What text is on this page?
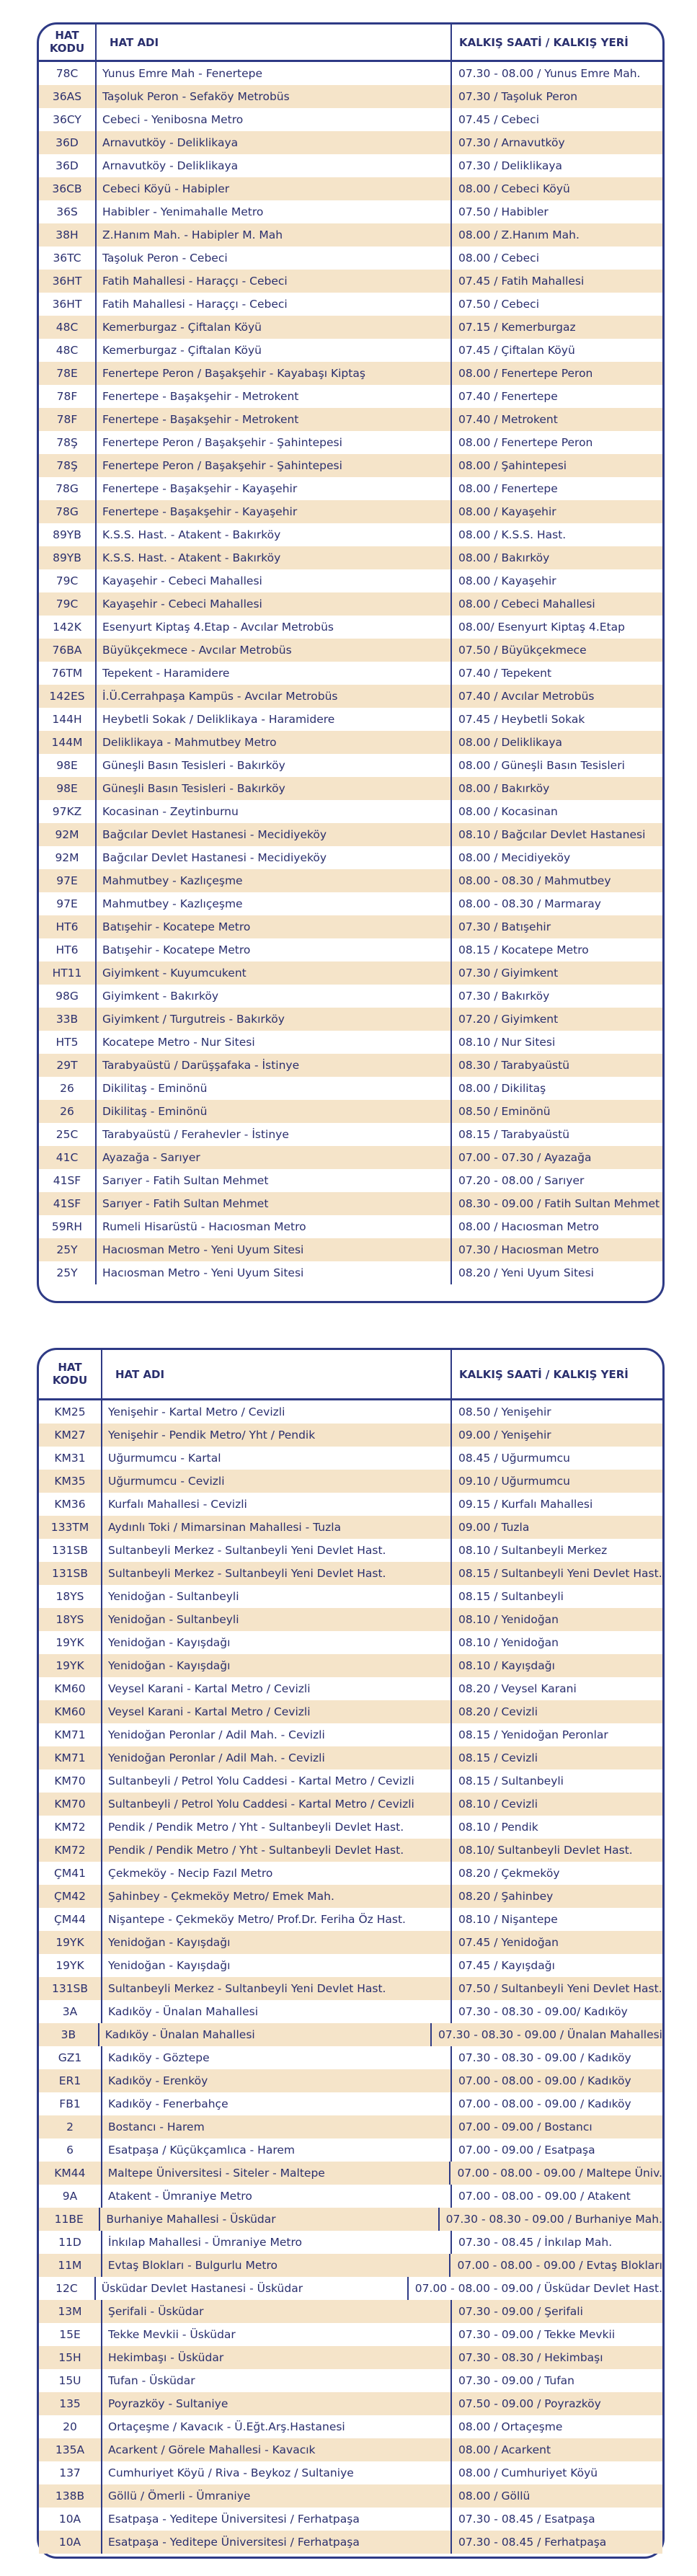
HAT KODU	HAT ADI	KALKIŞ SAATİ / KALKIŞ YERİ
78C	Yunus Emre Mah - Fenertepe	07.30 - 08.00 / Yunus Emre Mah.
36AS	Taşoluk Peron - Sefaköy Metrobüs	07.30 / Taşoluk Peron
36CY	Cebeci - Yenibosna Metro	07.45 / Cebeci
36D	Arnavutköy - Deliklikaya	07.30 / Arnavutköy
36D	Arnavutköy - Deliklikaya	07.30 / Deliklikaya
36CB	Cebeci Köyü - Habipler	08.00 / Cebeci Köyü
36S	Habibler - Yenimahalle Metro	07.50 / Habibler
38H	Z.Hanım Mah. - Habipler M. Mah	08.00 / Z.Hanım Mah.
36TC	Taşoluk Peron - Cebeci	08.00 / Cebeci
36HT	Fatih Mahallesi - Haraççı - Cebeci	07.45 / Fatih Mahallesi
36HT	Fatih Mahallesi - Haraççı - Cebeci	07.50 / Cebeci
48C	Kemerburgaz - Çiftalan Köyü	07.15 / Kemerburgaz
48C	Kemerburgaz - Çiftalan Köyü	07.45 / Çiftalan Köyü
78E	Fenertepe Peron / Başakşehir - Kayabaşı Kiptaş	08.00 / Fenertepe Peron
78F	Fenertepe - Başakşehir - Metrokent	07.40 / Fenertepe
78F	Fenertepe - Başakşehir - Metrokent	07.40 / Metrokent
78Ş	Fenertepe Peron / Başakşehir - Şahintepesi	08.00 / Fenertepe Peron
78Ş	Fenertepe Peron / Başakşehir - Şahintepesi	08.00 / Şahintepesi
78G	Fenertepe - Başakşehir - Kayaşehir	08.00 / Fenertepe
78G	Fenertepe - Başakşehir - Kayaşehir	08.00 / Kayaşehir
89YB	K.S.S. Hast. - Atakent - Bakırköy	08.00 / K.S.S. Hast.
89YB	K.S.S. Hast. - Atakent - Bakırköy	08.00 / Bakırköy
79C	Kayaşehir - Cebeci Mahallesi	08.00 / Kayaşehir
79C	Kayaşehir - Cebeci Mahallesi	08.00 / Cebeci Mahallesi
142K	Esenyurt Kiptaş 4.Etap - Avcılar Metrobüs	08.00/ Esenyurt Kiptaş 4.Etap
76BA	Büyükçekmece - Avcılar Metrobüs	07.50 / Büyükçekmece
76TM	Tepekent - Haramidere	07.40 / Tepekent
142ES	İ.Ü.Cerrahpaşa Kampüs - Avcılar Metrobüs	07.40 / Avcılar Metrobüs
144H	Heybetli Sokak / Deliklikaya - Haramidere	07.45 / Heybetli Sokak
144M	Deliklikaya - Mahmutbey Metro	08.00 / Deliklikaya
98E	Güneşli Basın Tesisleri - Bakırköy	08.00 / Güneşli Basın Tesisleri
98E	Güneşli Basın Tesisleri - Bakırköy	08.00 / Bakırköy
97KZ	Kocasinan - Zeytinburnu	08.00 / Kocasinan
92M	Bağcılar Devlet Hastanesi - Mecidiyeköy	08.10 / Bağcılar Devlet Hastanesi
92M	Bağcılar Devlet Hastanesi - Mecidiyeköy	08.00 / Mecidiyeköy
97E	Mahmutbey - Kazlıçeşme	08.00 - 08.30 / Mahmutbey
97E	Mahmutbey - Kazlıçeşme	08.00 - 08.30 / Marmaray
HT6	Batışehir - Kocatepe Metro	07.30 / Batışehir
HT6	Batışehir - Kocatepe Metro	08.15 / Kocatepe Metro
HT11	Giyimkent - Kuyumcukent	07.30 / Giyimkent
98G	Giyimkent - Bakırköy	07.30 / Bakırköy
33B	Giyimkent / Turgutreis - Bakırköy	07.20 / Giyimkent
HT5	Kocatepe Metro - Nur Sitesi	08.10 / Nur Sitesi
29T	Tarabyaüstü / Darüşşafaka - İstinye	08.30 / Tarabyaüstü
26	Dikilitaş - Eminönü	08.00 / Dikilitaş
26	Dikilitaş - Eminönü	08.50 / Eminönü
25C	Tarabyaüstü / Ferahevler - İstinye	08.15 / Tarabyaüstü
41C	Ayazağa - Sarıyer	07.00 - 07.30 / Ayazağa
41SF	Sarıyer - Fatih Sultan Mehmet	07.20 - 08.00 / Sarıyer
41SF	Sarıyer - Fatih Sultan Mehmet	08.30 - 09.00 / Fatih Sultan Mehmet
59RH	Rumeli Hisarüstü - Hacıosman Metro	08.00 / Hacıosman Metro
25Y	Hacıosman Metro - Yeni Uyum Sitesi	07.30 / Hacıosman Metro
25Y	Hacıosman Metro - Yeni Uyum Sitesi	08.20 / Yeni Uyum Sitesi
HAT KODU	HAT ADI	KALKIŞ SAATİ / KALKIŞ YERİ
KM25	Yenişehir - Kartal Metro / Cevizli	08.50 / Yenişehir
KM27	Yenişehir - Pendik Metro/ Yht / Pendik	09.00 / Yenişehir
KM31	Uğurmumcu - Kartal	08.45 / Uğurmumcu
KM35	Uğurmumcu - Cevizli	09.10 / Uğurmumcu
KM36	Kurfalı Mahallesi - Cevizli	09.15 / Kurfalı Mahallesi
133TM	Aydınlı Toki / Mimarsinan Mahallesi - Tuzla	09.00 / Tuzla
131SB	Sultanbeyli Merkez - Sultanbeyli Yeni Devlet Hast.	08.10 / Sultanbeyli Merkez
131SB	Sultanbeyli Merkez - Sultanbeyli Yeni Devlet Hast.	08.15 / Sultanbeyli Yeni Devlet Hast.
18YS	Yenidoğan - Sultanbeyli	08.15 / Sultanbeyli
18YS	Yenidoğan - Sultanbeyli	08.10 / Yenidoğan
19YK	Yenidoğan - Kayışdağı	08.10 / Yenidoğan
19YK	Yenidoğan - Kayışdağı	08.10 / Kayışdağı
KM60	Veysel Karani - Kartal Metro / Cevizli	08.20 / Veysel Karani
KM60	Veysel Karani - Kartal Metro / Cevizli	08.20 / Cevizli
KM71	Yenidoğan Peronlar / Adil Mah. - Cevizli	08.15 / Yenidoğan Peronlar
KM71	Yenidoğan Peronlar / Adil Mah. - Cevizli	08.15 / Cevizli
KM70	Sultanbeyli / Petrol Yolu Caddesi - Kartal Metro / Cevizli	08.15 / Sultanbeyli
KM70	Sultanbeyli / Petrol Yolu Caddesi - Kartal Metro / Cevizli	08.10 / Cevizli
KM72	Pendik / Pendik Metro / Yht - Sultanbeyli Devlet Hast.	08.10 / Pendik
KM72	Pendik / Pendik Metro / Yht - Sultanbeyli Devlet Hast.	08.10/ Sultanbeyli Devlet Hast.
ÇM41	Çekmeköy - Necip Fazıl Metro	08.20 / Çekmeköy
ÇM42	Şahinbey - Çekmeköy Metro/ Emek Mah.	08.20 / Şahinbey
ÇM44	Nişantepe - Çekmeköy Metro/ Prof.Dr. Feriha Öz Hast.	08.10 / Nişantepe
19YK	Yenidoğan - Kayışdağı	07.45 / Yenidoğan
19YK	Yenidoğan - Kayışdağı	07.45 / Kayışdağı
131SB	Sultanbeyli Merkez - Sultanbeyli Yeni Devlet Hast.	07.50 / Sultanbeyli Yeni Devlet Hast.
3A	Kadıköy - Ünalan Mahallesi	07.30 - 08.30 - 09.00/ Kadıköy
3B	Kadıköy - Ünalan Mahallesi	07.30 - 08.30 - 09.00 / Ünalan Mahallesi
GZ1	Kadıköy - Göztepe	07.30 - 08.30 - 09.00 / Kadıköy
ER1	Kadıköy - Erenköy	07.00 - 08.00 - 09.00 / Kadıköy
FB1	Kadıköy - Fenerbahçe	07.00 - 08.00 - 09.00 / Kadıköy
2	Bostancı - Harem	07.00 - 09.00 / Bostancı
6	Esatpaşa / Küçükçamlıca - Harem	07.00 - 09.00 / Esatpaşa
KM44	Maltepe Üniversitesi - Siteler - Maltepe	07.00 - 08.00 - 09.00 / Maltepe Üniv.
9A	Atakent - Ümraniye Metro	07.00 - 08.00 - 09.00 / Atakent
11BE	Burhaniye Mahallesi - Üsküdar	07.30 - 08.30 - 09.00 / Burhaniye Mah.
11D	İnkılap Mahallesi - Ümraniye Metro	07.30 - 08.45 / İnkılap Mah.
11M	Evtaş Blokları - Bulgurlu Metro	07.00 - 08.00 - 09.00 / Evtaş Blokları
12C	Üsküdar Devlet Hastanesi - Üsküdar	07.00 - 08.00 - 09.00 / Üsküdar Devlet Hast.
13M	Şerifali - Üsküdar	07.30 - 09.00 / Şerifali
15E	Tekke Mevkii - Üsküdar	07.30 - 09.00 / Tekke Mevkii
15H	Hekimbaşı - Üsküdar	07.30 - 08.30 / Hekimbaşı
15U	Tufan - Üsküdar	07.30 - 09.00 / Tufan
135	Poyrazköy - Sultaniye	07.50 - 09.00 / Poyrazköy
20	Ortaçeşme / Kavacık - Ü.Eğt.Arş.Hastanesi	08.00 / Ortaçeşme
135A	Acarkent / Görele Mahallesi - Kavacık	08.00 / Acarkent
137	Cumhuriyet Köyü / Riva - Beykoz / Sultaniye	08.00 / Cumhuriyet Köyü
138B	Göllü / Ömerli - Ümraniye	08.00 / Göllü
10A	Esatpaşa - Yeditepe Üniversitesi / Ferhatpaşa	07.30 - 08.45 / Esatpaşa
10A	Esatpaşa - Yeditepe Üniversitesi / Ferhatpaşa	07.30 - 08.45 / Ferhatpaşa
